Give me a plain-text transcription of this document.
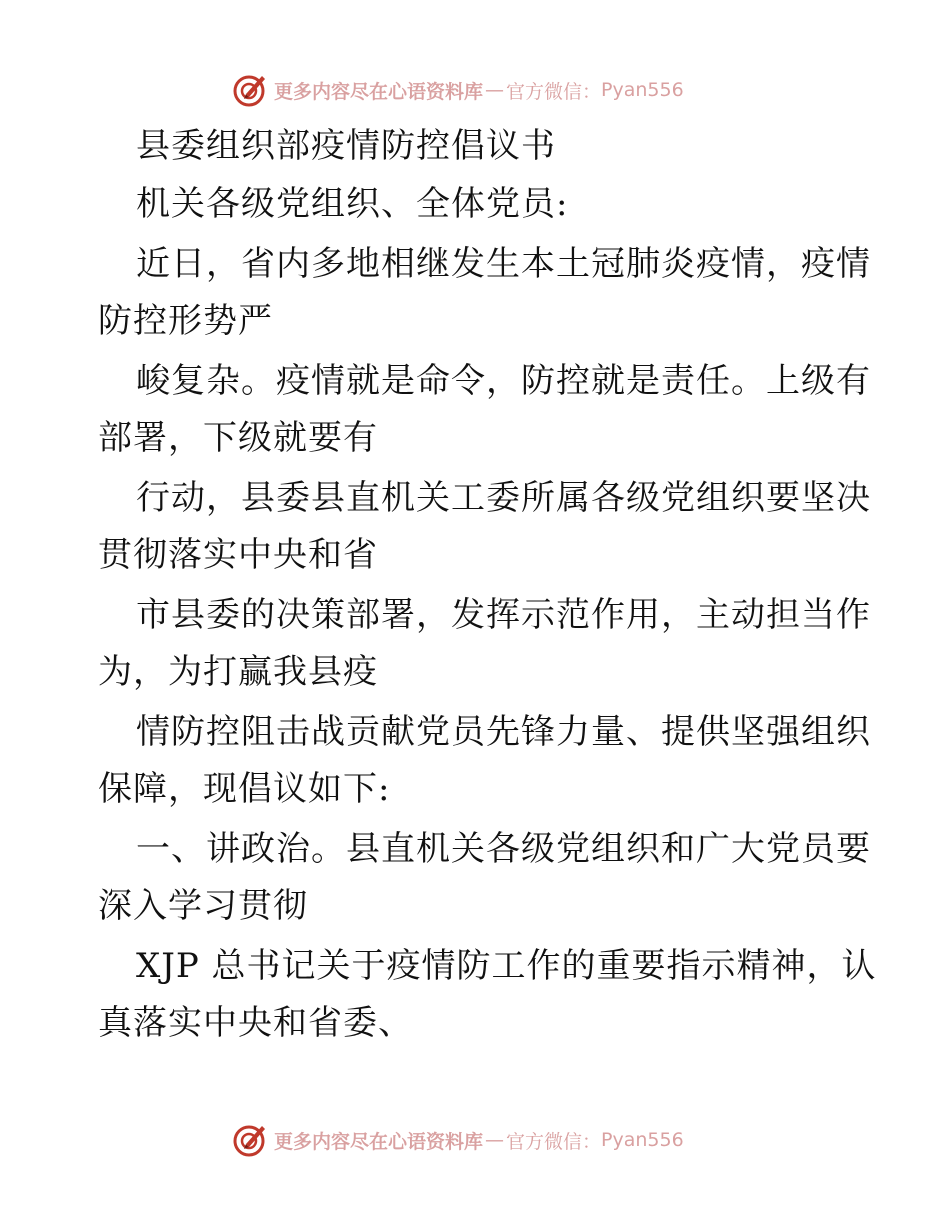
更多内容尽在心语资料库 — 官方微信： Pyan556
县委组织部疫情防控倡议书
机关各级党组织、全体党员:
近日，省内多地相继发生本土冠肺炎疫情，疫情
防控形势严
峻复杂。疫情就是命令，防控就是责任。上级有
部署，下级就要有
行动，县委县直机关工委所属各级党组织要坚决
贯彻落实中央和省
市县委的决策部署，发挥示范作用，主动担当作
为，为打赢我县疫
情防控阻击战贡献党员先锋力量、提供坚强组织
保障，现倡议如下:
一、讲政治。县直机关各级党组织和广大党员要
深入学习贯彻
XJP 总书记关于疫情防工作的重要指示精神，认
真落实中央和省委、
更多内容尽在心语资料库 — 官方微信： Pyan556
